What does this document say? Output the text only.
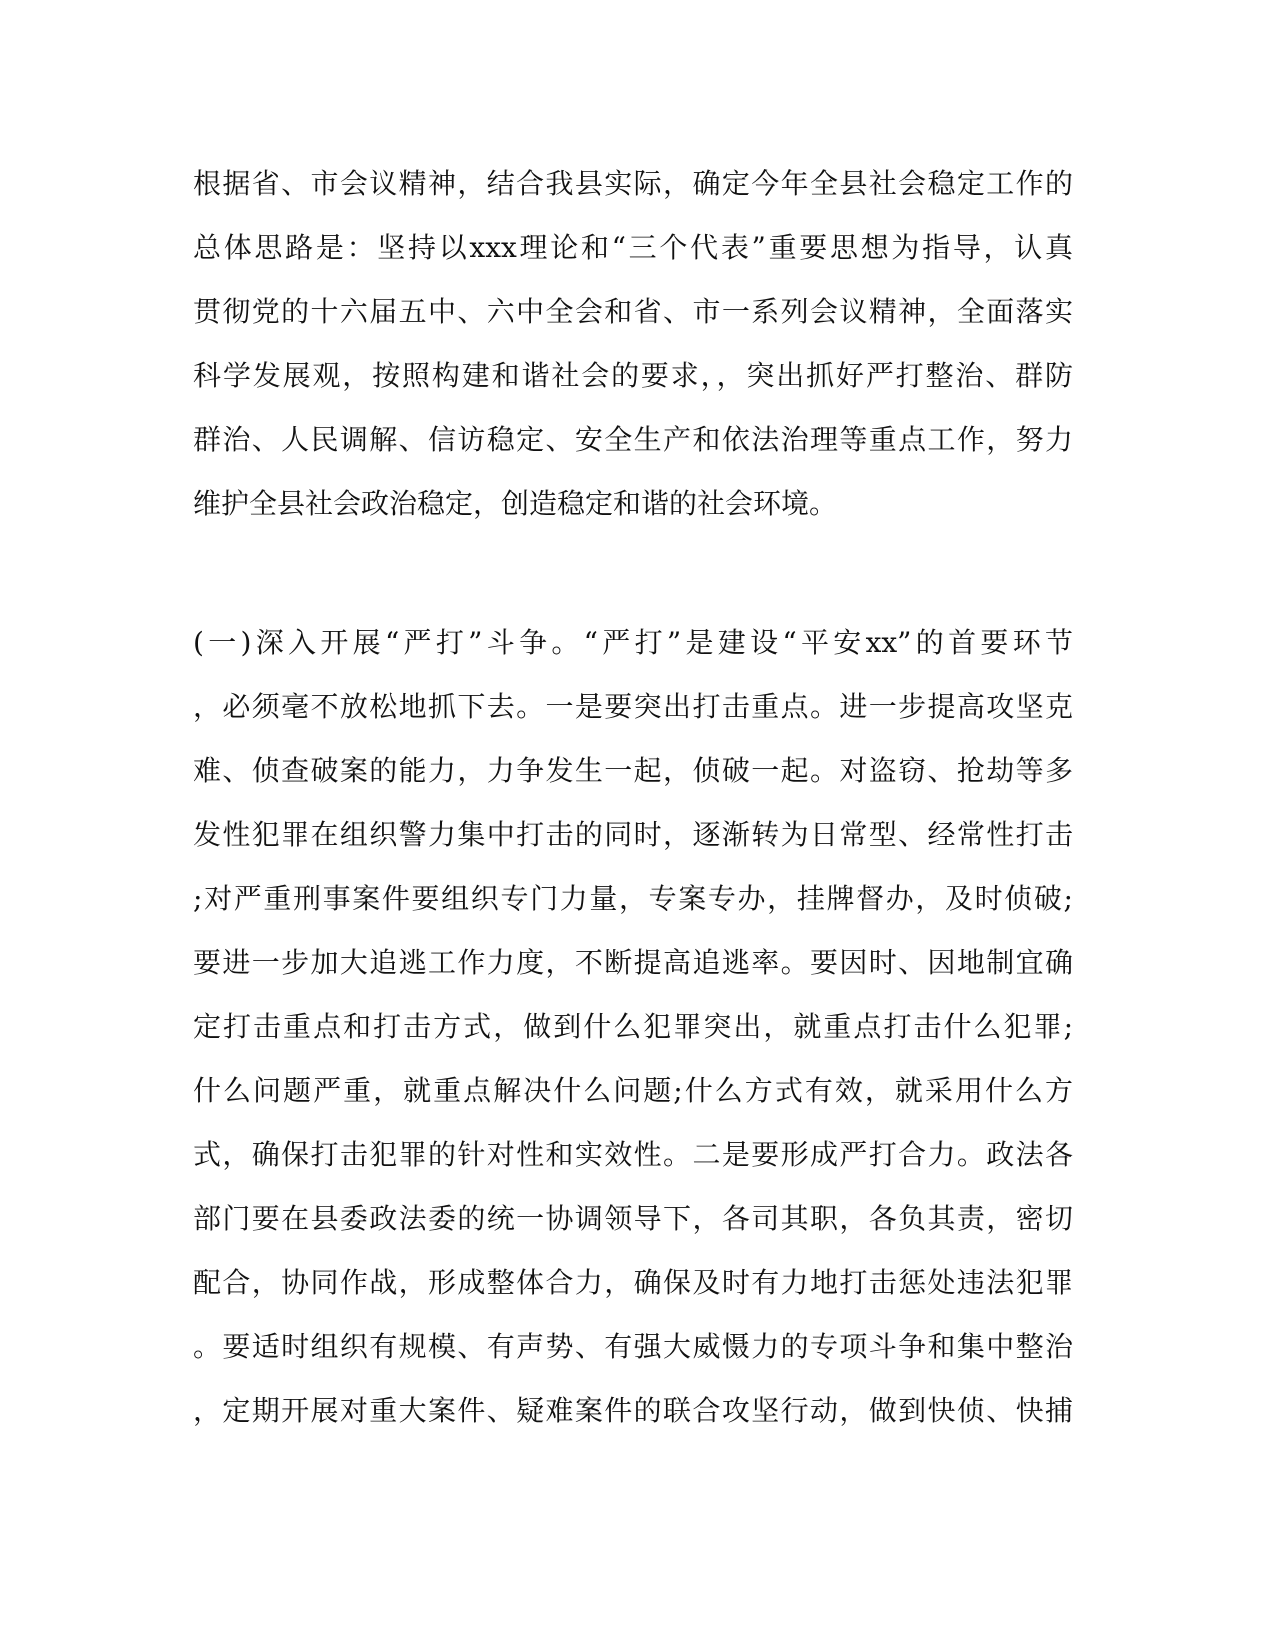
根据省、市会议精神，结合我县实际，确定今年全县社会稳定工作的
总体思路是：坚持以xxx理论和“三个代表”重要思想为指导，认真
贯彻党的十六届五中、六中全会和省、市一系列会议精神，全面落实
科学发展观，按照构建和谐社会的要求，，突出抓好严打整治、群防
群治、人民调解、信访稳定、安全生产和依法治理等重点工作，努力
维护全县社会政治稳定，创造稳定和谐的社会环境。

(一)深入开展“严打”斗争。“严打”是建设“平安xx”的首要环节
，必须毫不放松地抓下去。一是要突出打击重点。进一步提高攻坚克
难、侦查破案的能力，力争发生一起，侦破一起。对盗窃、抢劫等多
发性犯罪在组织警力集中打击的同时，逐渐转为日常型、经常性打击
;对严重刑事案件要组织专门力量，专案专办，挂牌督办，及时侦破;
要进一步加大追逃工作力度，不断提高追逃率。要因时、因地制宜确
定打击重点和打击方式，做到什么犯罪突出，就重点打击什么犯罪;
什么问题严重，就重点解决什么问题;什么方式有效，就采用什么方
式，确保打击犯罪的针对性和实效性。二是要形成严打合力。政法各
部门要在县委政法委的统一协调领导下，各司其职，各负其责，密切
配合，协同作战，形成整体合力，确保及时有力地打击惩处违法犯罪
。要适时组织有规模、有声势、有强大威慑力的专项斗争和集中整治
，定期开展对重大案件、疑难案件的联合攻坚行动，做到快侦、快捕
